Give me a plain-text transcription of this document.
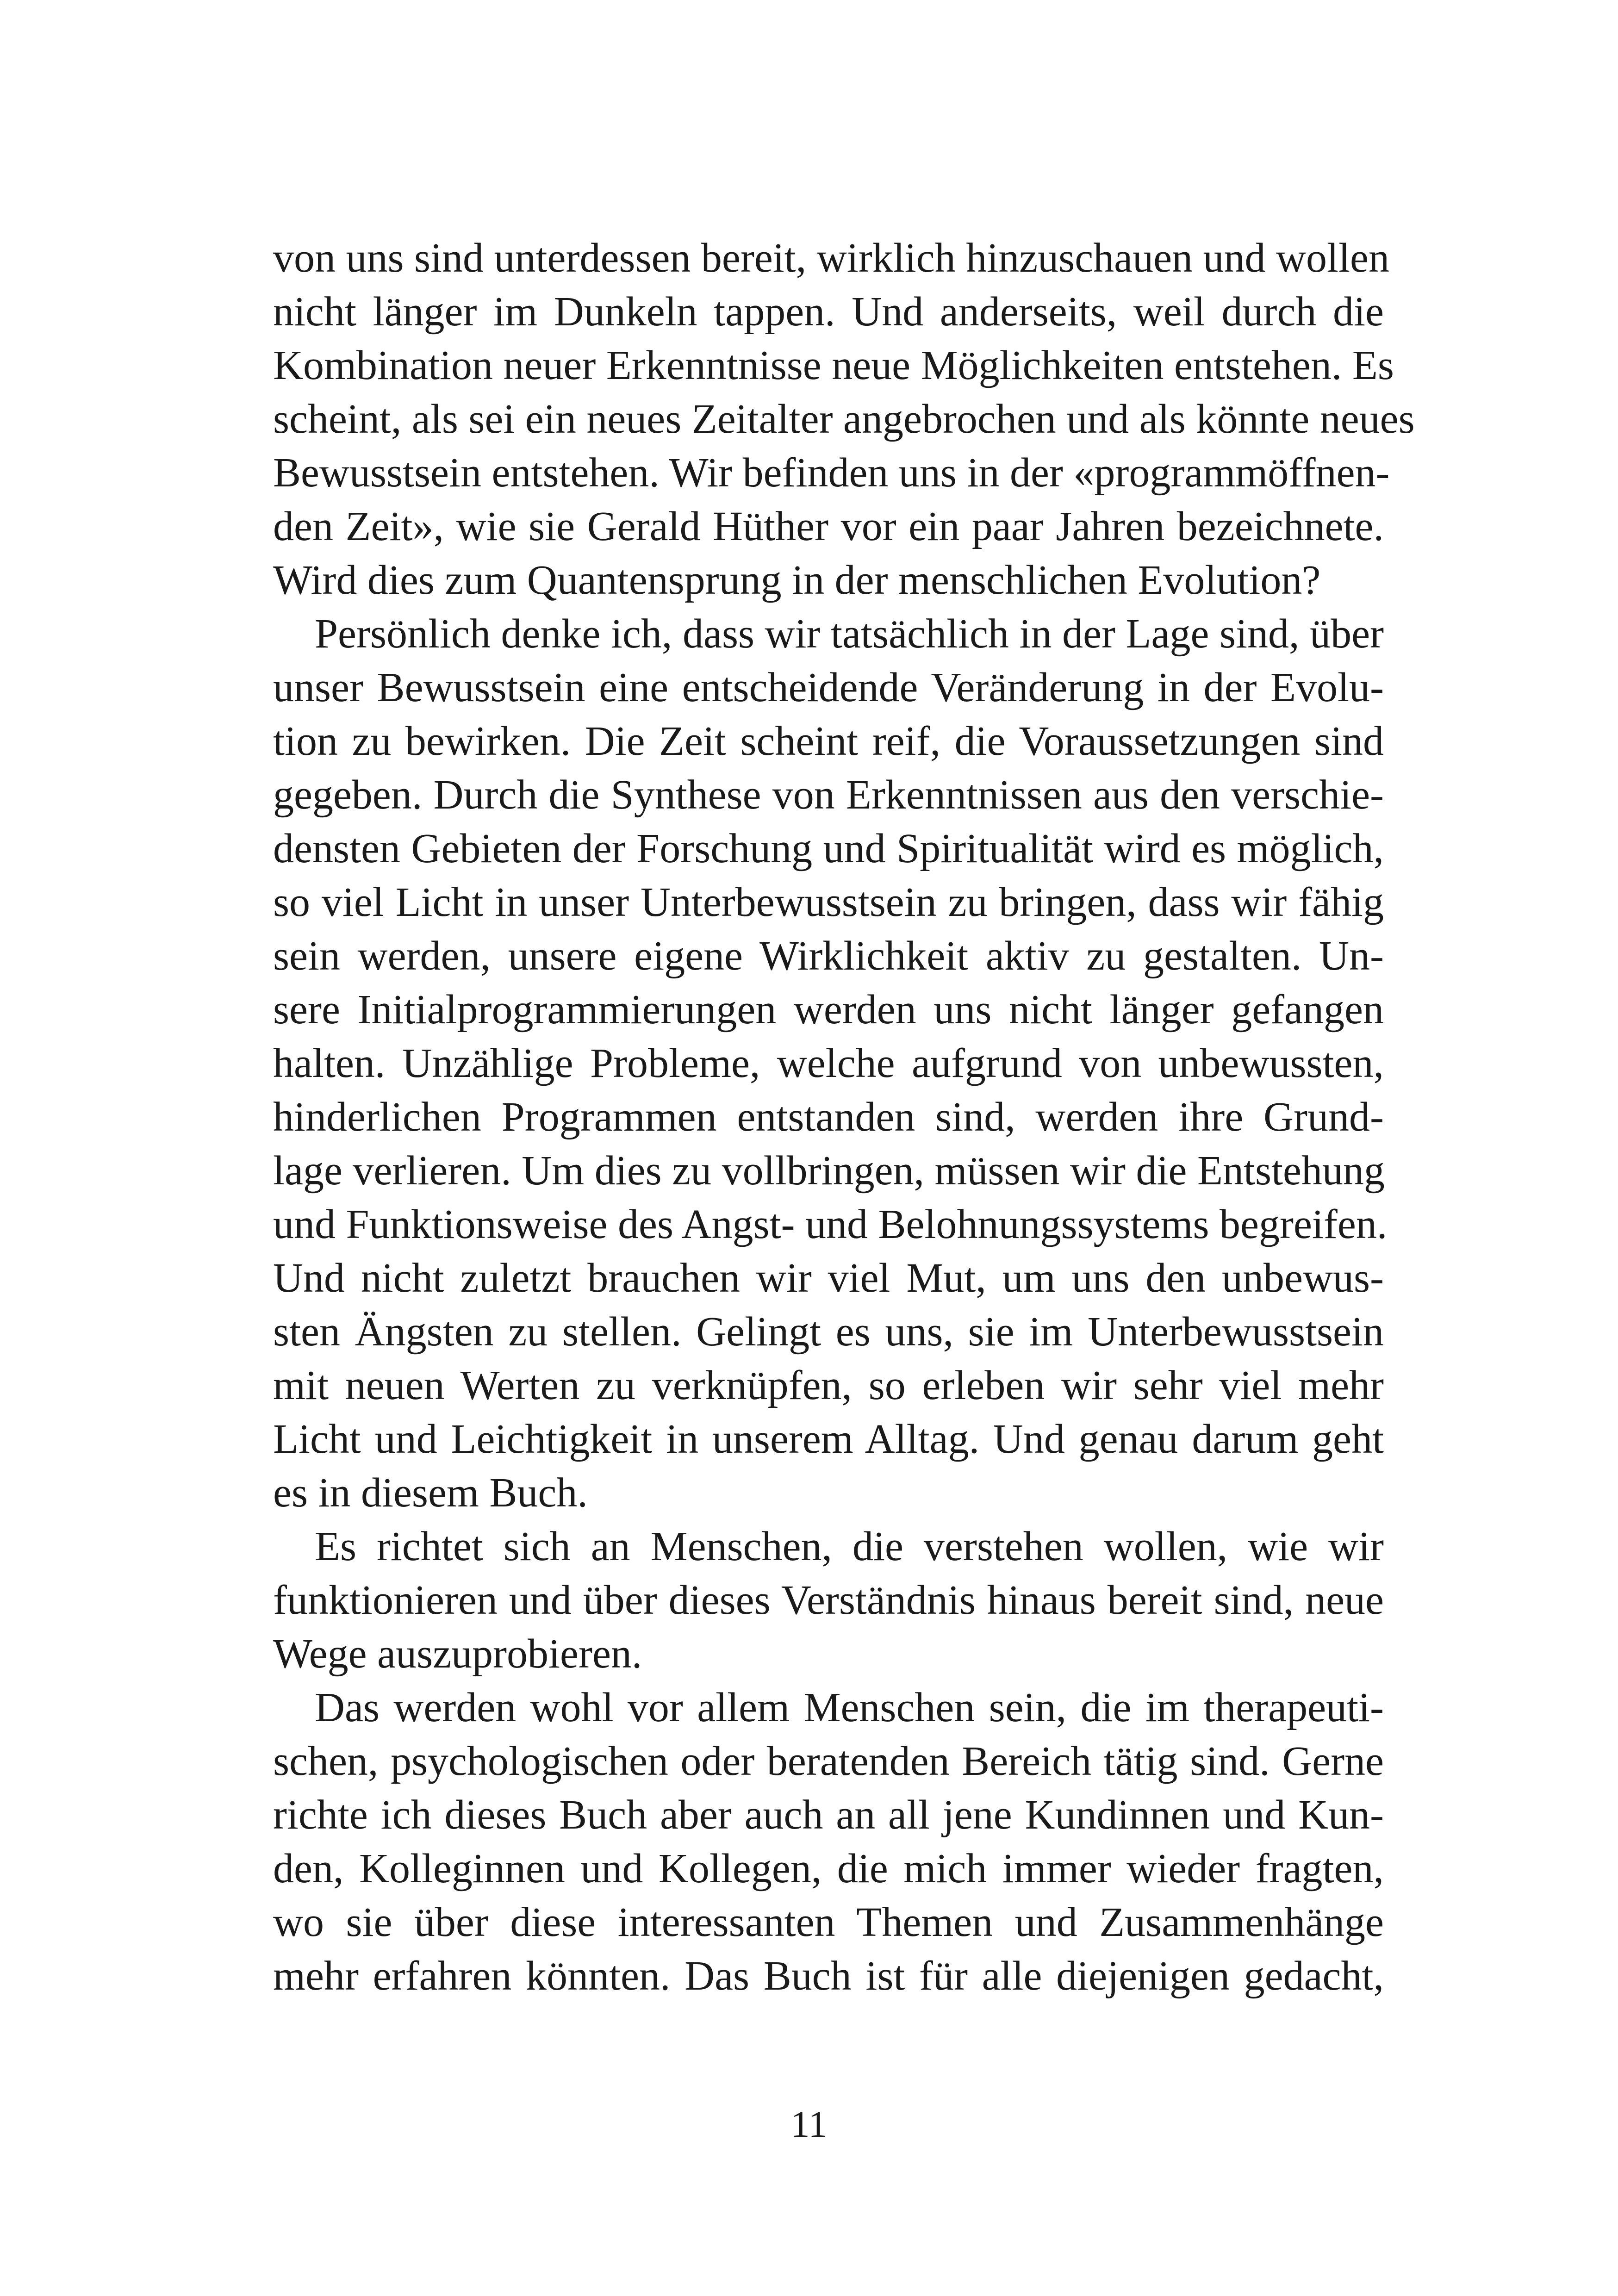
von uns sind unterdessen bereit, wirklich hinzuschauen und wollen
nicht länger im Dunkeln tappen. Und anderseits, weil durch die
Kombination neuer Erkenntnisse neue Möglichkeiten entstehen. Es
scheint, als sei ein neues Zeitalter angebrochen und als könnte neues
Bewusstsein entstehen. Wir befinden uns in der «programmöffnen-
den Zeit», wie sie Gerald Hüther vor ein paar Jahren bezeichnete.
Wird dies zum Quantensprung in der menschlichen Evolution?
Persönlich denke ich, dass wir tatsächlich in der Lage sind, über
unser Bewusstsein eine entscheidende Veränderung in der Evolu-
tion zu bewirken. Die Zeit scheint reif, die Voraussetzungen sind
gegeben. Durch die Synthese von Erkenntnissen aus den verschie-
densten Gebieten der Forschung und Spiritualität wird es möglich,
so viel Licht in unser Unterbewusstsein zu bringen, dass wir fähig
sein werden, unsere eigene Wirklichkeit aktiv zu gestalten. Un-
sere Initialprogrammierungen werden uns nicht länger gefangen
halten. Unzählige Probleme, welche aufgrund von unbewussten,
hinderlichen Programmen entstanden sind, werden ihre Grund-
lage verlieren. Um dies zu vollbringen, müssen wir die Entstehung
und Funktionsweise des Angst- und Belohnungssystems begreifen.
Und nicht zuletzt brauchen wir viel Mut, um uns den unbewus-
sten Ängsten zu stellen. Gelingt es uns, sie im Unterbewusstsein
mit neuen Werten zu verknüpfen, so erleben wir sehr viel mehr
Licht und Leichtigkeit in unserem Alltag. Und genau darum geht
es in diesem Buch.
Es richtet sich an Menschen, die verstehen wollen, wie wir
funktionieren und über dieses Verständnis hinaus bereit sind, neue
Wege auszuprobieren.
Das werden wohl vor allem Menschen sein, die im therapeuti-
schen, psychologischen oder beratenden Bereich tätig sind. Gerne
richte ich dieses Buch aber auch an all jene Kundinnen und Kun-
den, Kolleginnen und Kollegen, die mich immer wieder fragten,
wo sie über diese interessanten Themen und Zusammenhänge
mehr erfahren könnten. Das Buch ist für alle diejenigen gedacht,
11
